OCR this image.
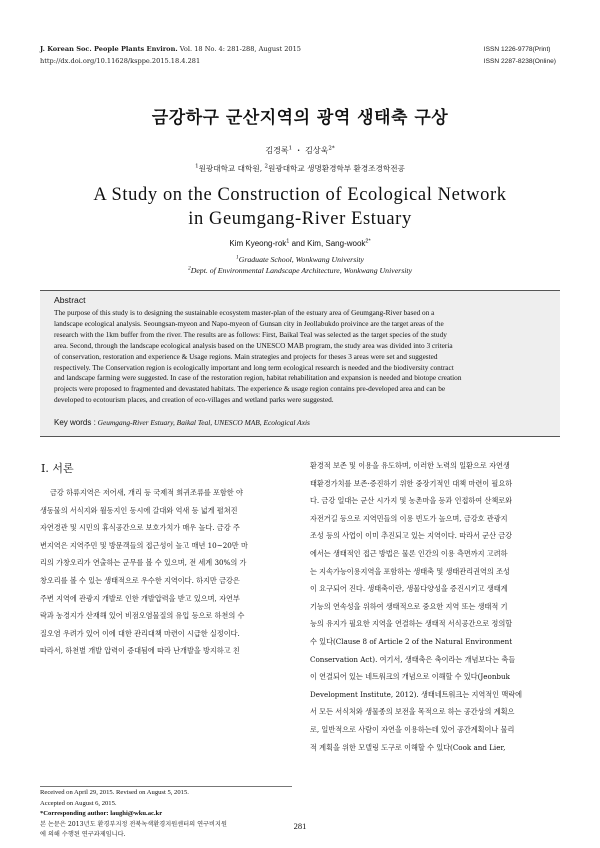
J. Korean Soc. People Plants Environ. Vol. 18 No. 4: 281-288, August 2015
http://dx.doi.org/10.11628/ksppe.2015.18.4.281
ISSN 1226-9778(Print)
ISSN 2287-8238(Online)
금강하구 군산지역의 광역 생태축 구상
김경록$^1$ ・ 김상욱$^{2*}$
$^1$원광대학교 대학원, $^2$원광대학교 생명환경학부 환경조경학전공
A Study on the Construction of Ecological Network
in Geumgang-River Estuary
Kim Kyeong-rok$^1$ and Kim, Sang-wook$^{2*}$
$^1$Graduate School, Wonkwang University
$^2$Dept. of Environmental Landscape Architecture, Wonkwang University
Abstract
The purpose of this study is to designing the sustainable ecosystem master-plan of the estuary area of Geumgang-River based on a
landscape ecological analysis. Seoungsan-myeon and Napo-myeon of Gunsan city in Jeollabukdo proivince are the target areas of the
research with the 1km buffer from the river. The results are as follows: First, Baikal Teal was selected as the target species of the study
area. Second, through the landscape ecological analysis based on the UNESCO MAB program, the study area was divided into 3 criteria
of conservation, restoration and experience & Usage regions. Main strategies and projects for theses 3 areas were set and suggested
respectively. The Conservation region is ecologically important and long term ecological research is needed and the biodiversity contract
and landscape farming were suggested. In case of the restoration region, habitat rehabilitation and expansion is needed and biotope creation
projects were proposed to fragmented and devastated habitats. The experience & usage region contains pre-developed area and can be
developed to ecotourism places, and creation of eco-villages and wetland parks were suggested.
Key words : Geumgang-River Estuary, Baikal Teal, UNESCO MAB, Ecological Axis
Ⅰ. 서론
금강 하류지역은 저어새, 개리 등 국제적 희귀조류를 포함한 야
생동물의 서식지와 월동지인 동시에 갈대와 억새 등 넓게 펼쳐진
자연경관 및 시민의 휴식공간으로 보호가치가 매우 높다. 금강 주
변지역은 지역주민 및 방문객들의 접근성이 높고 매년 10~20만 마
리의 가창오리가 연출하는 군무를 볼 수 있으며, 전 세계 30%의 가
창오리를 볼 수 있는 생태적으로 우수한 지역이다. 하지만 금강은
주변 지역에 관광지 개발로 인한 개발압력을 받고 있으며, 자연부
락과 농경지가 산재해 있어 비점오염물질의 유입 등으로 하천의 수
질오염 우려가 있어 이에 대한 관리대책 마련이 시급한 실정이다.
따라서, 하천별 개발 압력이 증대됨에 따라 난개발을 방지하고 친
Received on April 29, 2015. Revised on August 5, 2015.
Accepted on August 6, 2015.
*Corresponding author: laughi@wku.ac.kr
본 논문은 2013년도 환경부지정 전북녹색환경지원센터의 연구비지원
에 의해 수행된 연구과제임니다.
환경적 보존 및 이용을 유도하며, 이러한 노력의 일환으로 자연생
태환경가치를 보존·증진하기 위한 중장기적인 대책 마련이 필요하
다. 금강 일대는 군산 시가지 및 농촌마을 등과 인접하여 산책로와
자전거길 등으로 지역민들의 이용 빈도가 높으며, 금강호 관광지
조성 등의 사업이 이미 추진되고 있는 지역이다. 따라서 군산 금강
에서는 생태적인 접근 방법은 물론 인간의 이용 측면까지 고려하
는 지속가능이용지역을 포함하는 생태축 및 생태관리권역의 조성
이 요구되어 진다. 생태축이란, 생물다양성을 증진시키고 생태계
기능의 연속성을 위하여 생태적으로 중요한 지역 또는 생태적 기
능의 유지가 필요한 지역을 연결하는 생태적 서식공간으로 정의할
수 있다(Clause 8 of Article 2 of the Natural Environment
Conservation Act). 여기서, 생태축은 축이라는 개념보다는 축들
이 연결되어 있는 네트워크의 개념으로 이해할 수 있다(Jeonbuk
Development Institute, 2012). 생태네트워크는 지역적인 맥락에
서 모든 서식처와 생물종의 보전을 목적으로 하는 공간상의 계획으
로, 일반적으로 사람이 자연을 이용하는데 있어 공간계획이나 물리
적 계획을 위한 모델링 도구로 이해할 수 있다(Cook and Lier,
281
